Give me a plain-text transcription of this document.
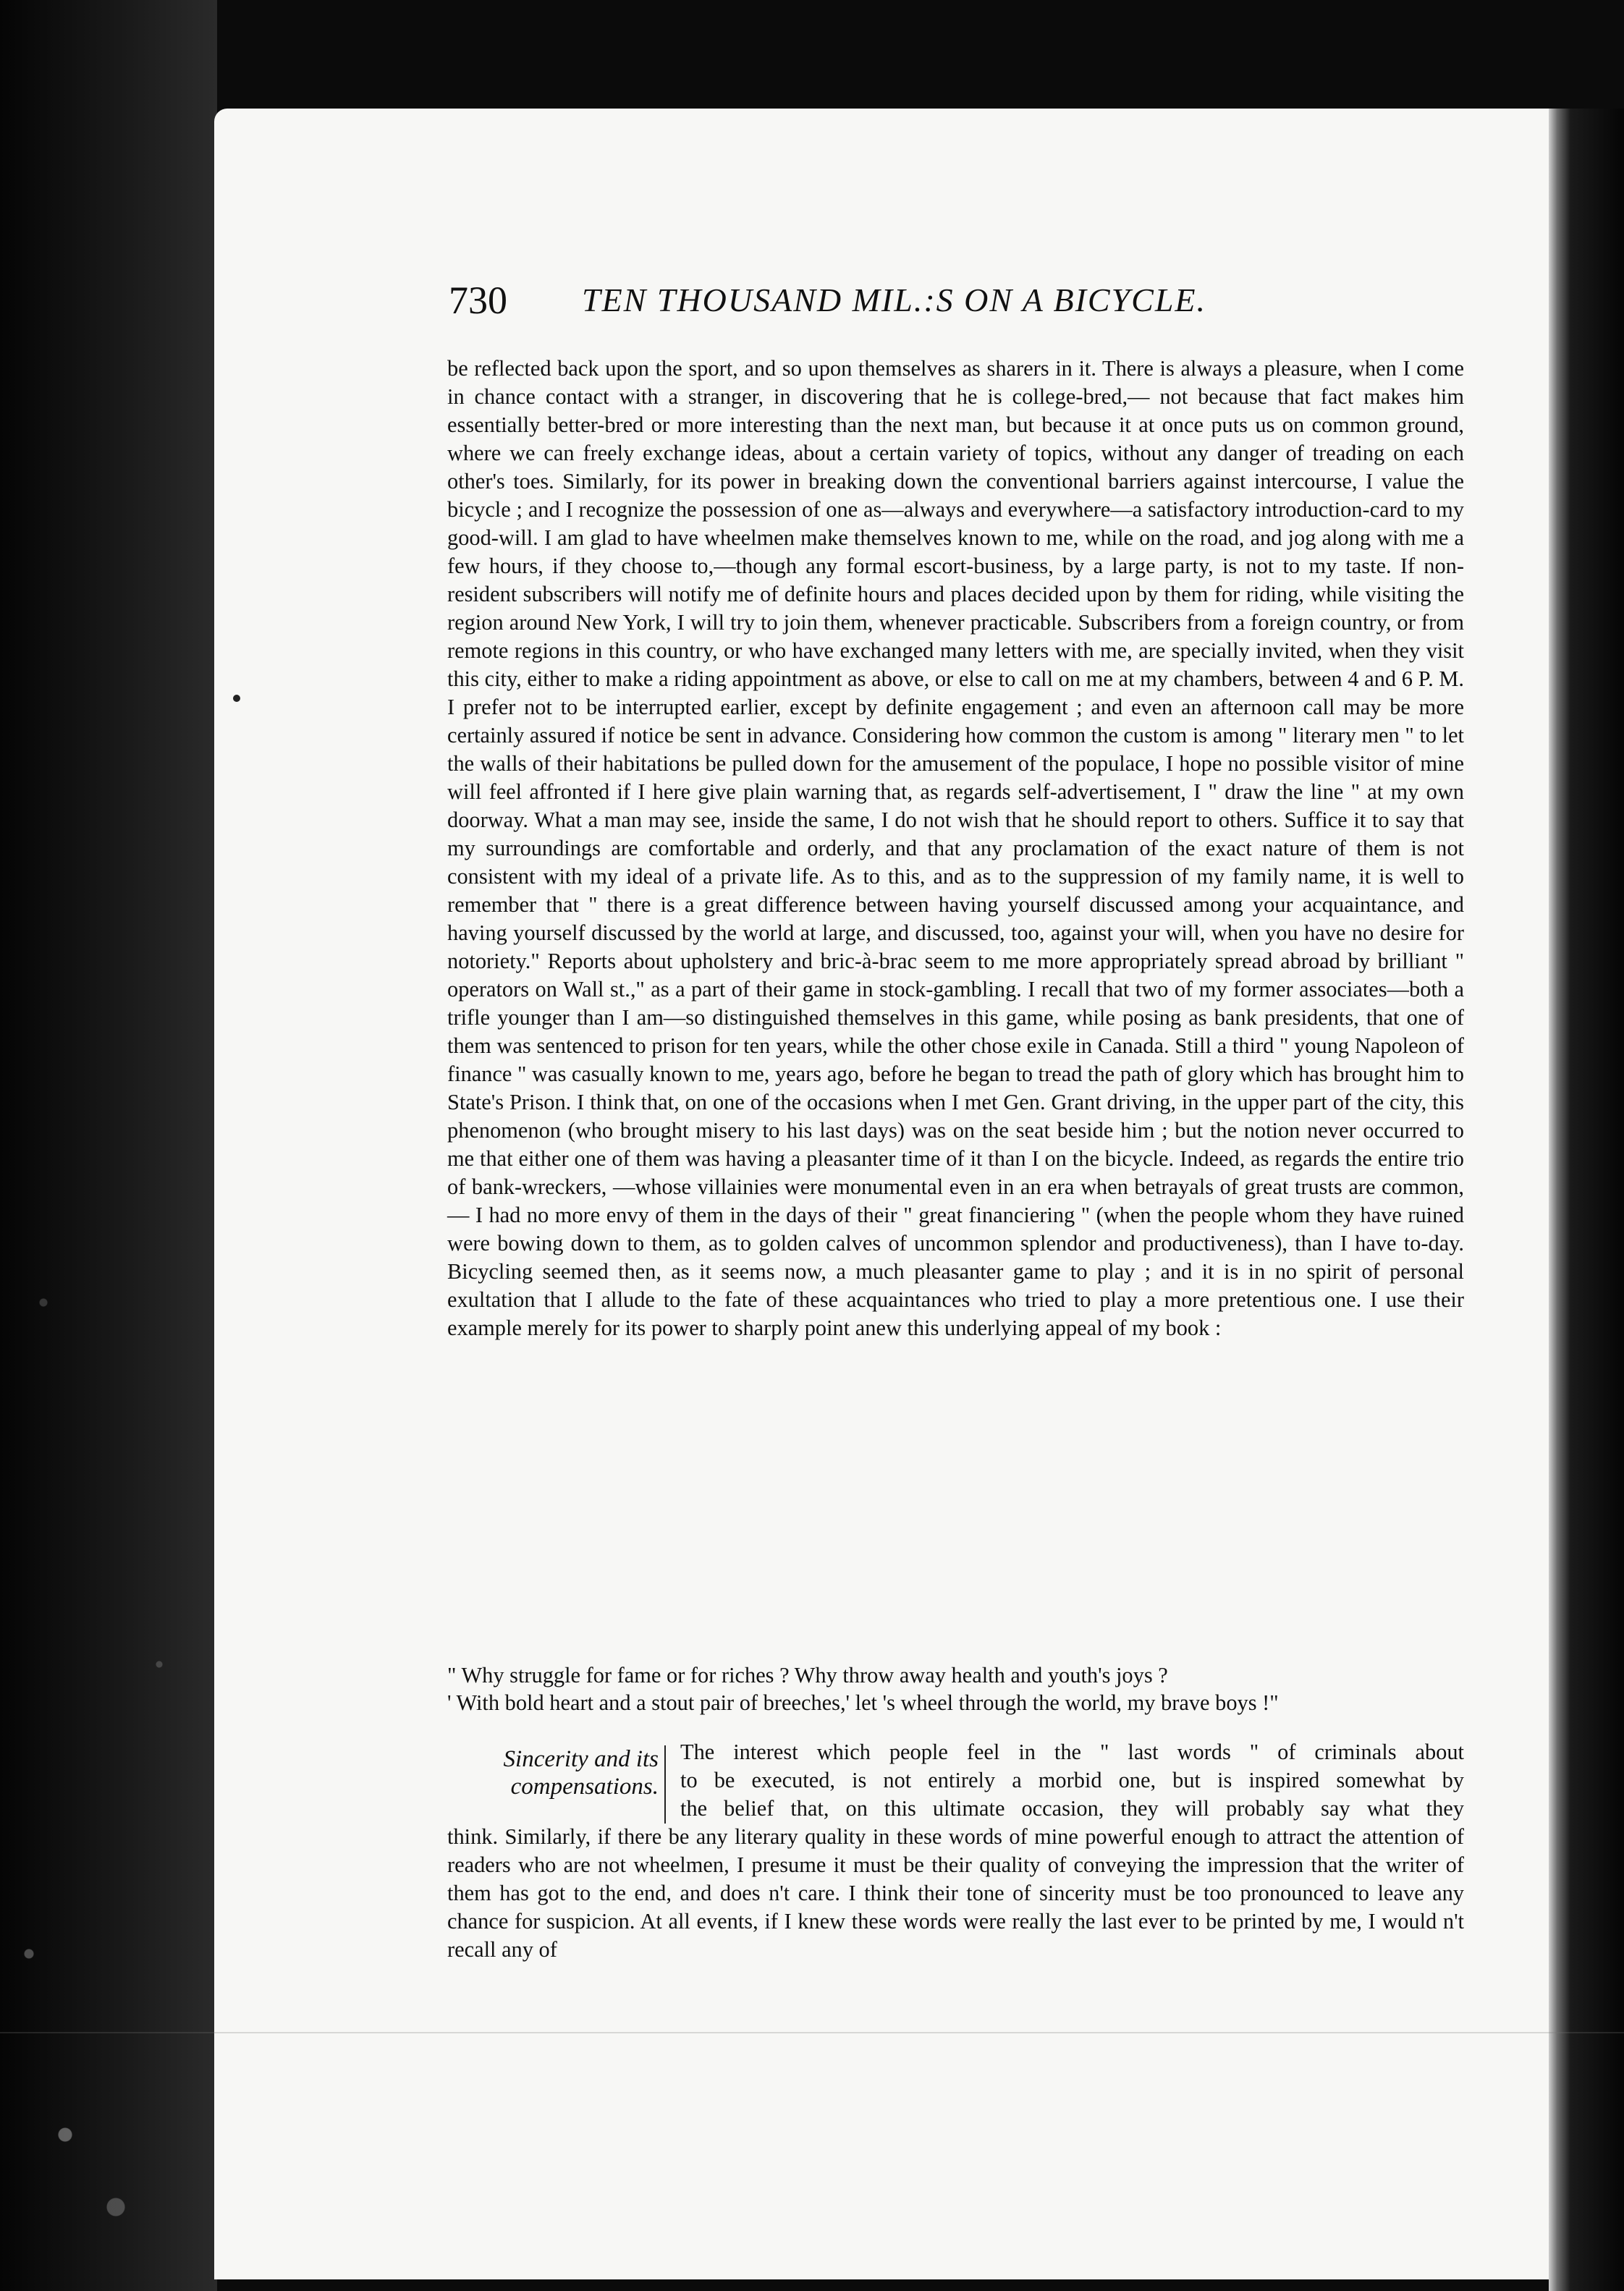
730 TEN THOUSAND MIL.:S ON A BICYCLE.

be reflected back upon the sport, and so upon themselves as sharers in it. There is always a pleasure, when I come in chance contact with a stranger, in discovering that he is college-bred,— not because that fact makes him essentially better-bred or more interesting than the next man, but because it at once puts us on common ground, where we can freely exchange ideas, about a certain variety of topics, without any danger of treading on each other's toes. Similarly, for its power in breaking down the conventional barriers against intercourse, I value the bicycle ; and I recognize the possession of one as—always and everywhere—a satisfactory introduction-card to my good-will. I am glad to have wheelmen make themselves known to me, while on the road, and jog along with me a few hours, if they choose to,—though any formal escort-business, by a large party, is not to my taste. If non-resident subscribers will notify me of definite hours and places decided upon by them for riding, while visiting the region around New York, I will try to join them, whenever practicable. Subscribers from a foreign country, or from remote regions in this country, or who have exchanged many letters with me, are specially invited, when they visit this city, either to make a riding appointment as above, or else to call on me at my chambers, between 4 and 6 P. M. I prefer not to be interrupted earlier, except by definite engagement ; and even an afternoon call may be more certainly assured if notice be sent in advance. Considering how common the custom is among " literary men " to let the walls of their habitations be pulled down for the amusement of the populace, I hope no possible visitor of mine will feel affronted if I here give plain warning that, as regards self-advertisement, I " draw the line " at my own doorway. What a man may see, inside the same, I do not wish that he should report to others. Suffice it to say that my surroundings are comfortable and orderly, and that any proclamation of the exact nature of them is not consistent with my ideal of a private life. As to this, and as to the suppression of my family name, it is well to remember that " there is a great difference between having yourself discussed among your acquaintance, and having yourself discussed by the world at large, and discussed, too, against your will, when you have no desire for notoriety." Reports about upholstery and bric-à-brac seem to me more appropriately spread abroad by brilliant " operators on Wall st.," as a part of their game in stock-gambling. I recall that two of my former associates—both a trifle younger than I am—so distinguished themselves in this game, while posing as bank presidents, that one of them was sentenced to prison for ten years, while the other chose exile in Canada. Still a third " young Napoleon of finance " was casually known to me, years ago, before he began to tread the path of glory which has brought him to State's Prison. I think that, on one of the occasions when I met Gen. Grant driving, in the upper part of the city, this phenomenon (who brought misery to his last days) was on the seat beside him ; but the notion never occurred to me that either one of them was having a pleasanter time of it than I on the bicycle. Indeed, as regards the entire trio of bank-wreckers, —whose villainies were monumental even in an era when betrayals of great trusts are common,— I had no more envy of them in the days of their " great financiering " (when the people whom they have ruined were bowing down to them, as to golden calves of uncommon splendor and productiveness), than I have to-day. Bicycling seemed then, as it seems now, a much pleasanter game to play ; and it is in no spirit of personal exultation that I allude to the fate of these acquaintances who tried to play a more pretentious one. I use their example merely for its power to sharply point anew this underlying appeal of my book :

" Why struggle for fame or for riches ? Why throw away health and youth's joys ?
' With bold heart and a stout pair of breeches,' let 's wheel through the world, my brave boys !"
Sincerity and its
compensations.
The interest which people feel in the " last words " of criminals about
to be executed, is not entirely a morbid one, but is inspired somewhat by
the belief that, on this ultimate occasion, they will probably say what they

think. Similarly, if there be any literary quality in these words of mine powerful enough to attract the attention of readers who are not wheelmen, I presume it must be their quality of conveying the impression that the writer of them has got to the end, and does n't care. I think their tone of sincerity must be too pronounced to leave any chance for suspicion. At all events, if I knew these words were really the last ever to be printed by me, I would n't recall any of
